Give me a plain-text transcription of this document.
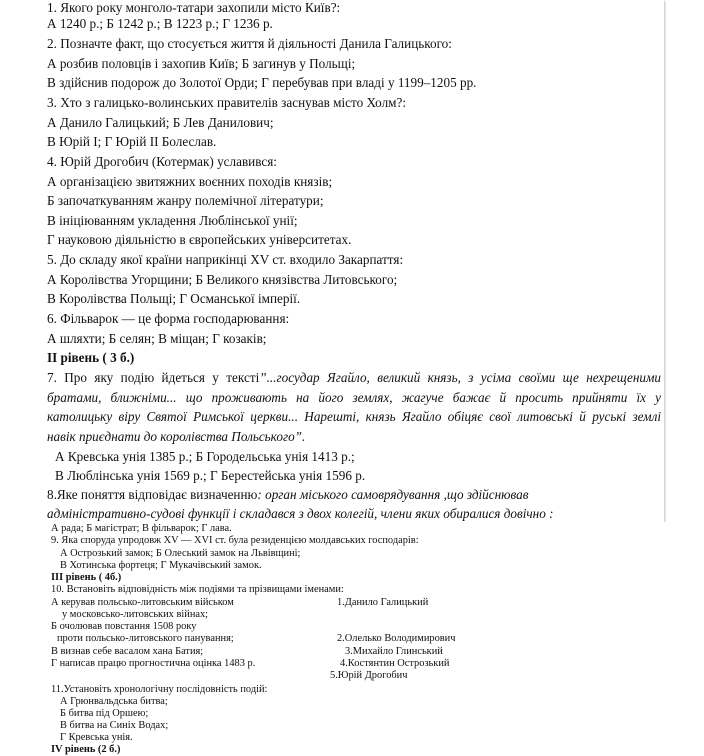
1. Якого року монголо-татари захопили місто Київ?:
А 1240 р.; Б 1242 р.; В 1223 р.; Г 1236 р.
2. Позначте факт, що стосується життя й діяльності Данила Галицького:
А розбив половців і захопив Київ; Б загинув у Польщі;
В здійснив подорож до Золотої Орди; Г перебував при владі у 1199–1205 рр.
3. Хто з галицько-волинських правителів заснував місто Холм?:
А Данило Галицький; Б Лев Данилович;
В Юрій І; Г Юрій ІІ Болеслав.
4. Юрій Дрогобич (Котермак) уславився:
А організацією звитяжних воєнних походів князів;
Б започаткуванням жанру полемічної літератури;
В ініціюванням укладення Люблінської унії;
Г науковою діяльністю в європейських університетах.
5. До складу якої країни наприкінці XV ст. входило Закарпаття:
А Королівства Угорщини; Б Великого князівства Литовського;
В Королівства Польщі; Г Османської імперії.
6. Фільварок — це форма господарювання:
А шляхти; Б селян; В міщан; Г козаків;
ІІ рівень ( 3 б.)
А Кревська унія 1385 р.; Б Городельська унія 1413 р.;
В Люблінська унія 1569 р.; Г Берестейська унія 1596 р.
7. Про яку подію йдеться у тексті”...государ Ягайло, великий князь, з усіма своїми ще нехрещеними
братами, ближніми... що проживають на його землях, жагуче бажає й просить прийняти їх у
католицьку віру Святої Римської церкви... Нарешті, князь Ягайло обіцяє свої литовські й руські землі
навік приєднати до королівства Польського”.
8.Яке поняття відповідає визначенню: орган міського самоврядування ,що здійснював
адміністративно-судові функції і складався з двох колегій, члени яких обиралися довічно :
А рада; Б магістрат; В фільварок; Г лава.
9. Яка споруда упродовж XV — XVI ст. була резиденцією молдавських господарів:
А Острозький замок; Б Олеський замок на Львівщині;
В Хотинська фортеця; Г Мукачівський замок.
ІІІ рівень ( 4б.)
10. Встановіть відповідність між подіями та прізвищами іменами:
А керував польсько-литовським військом	1.Данило Галицький
у московсько-литовських війнах;
Б очолював повстання 1508 року
проти польсько-литовського панування;	2.Олелько Володимирович
В визнав себе васалом хана Батия;	3.Михайло Глинський
Г написав працю прогностична оцінка 1483 р.	4.Костянтин Острозький
5.Юрій Дрогобич
11.Установіть хронологічну послідовність подій:
А Грюнвальдська битва;
Б битва під Оршею;
В битва на Синіх Водах;
Г Кревська унія.
IV рівень (2 б.)
